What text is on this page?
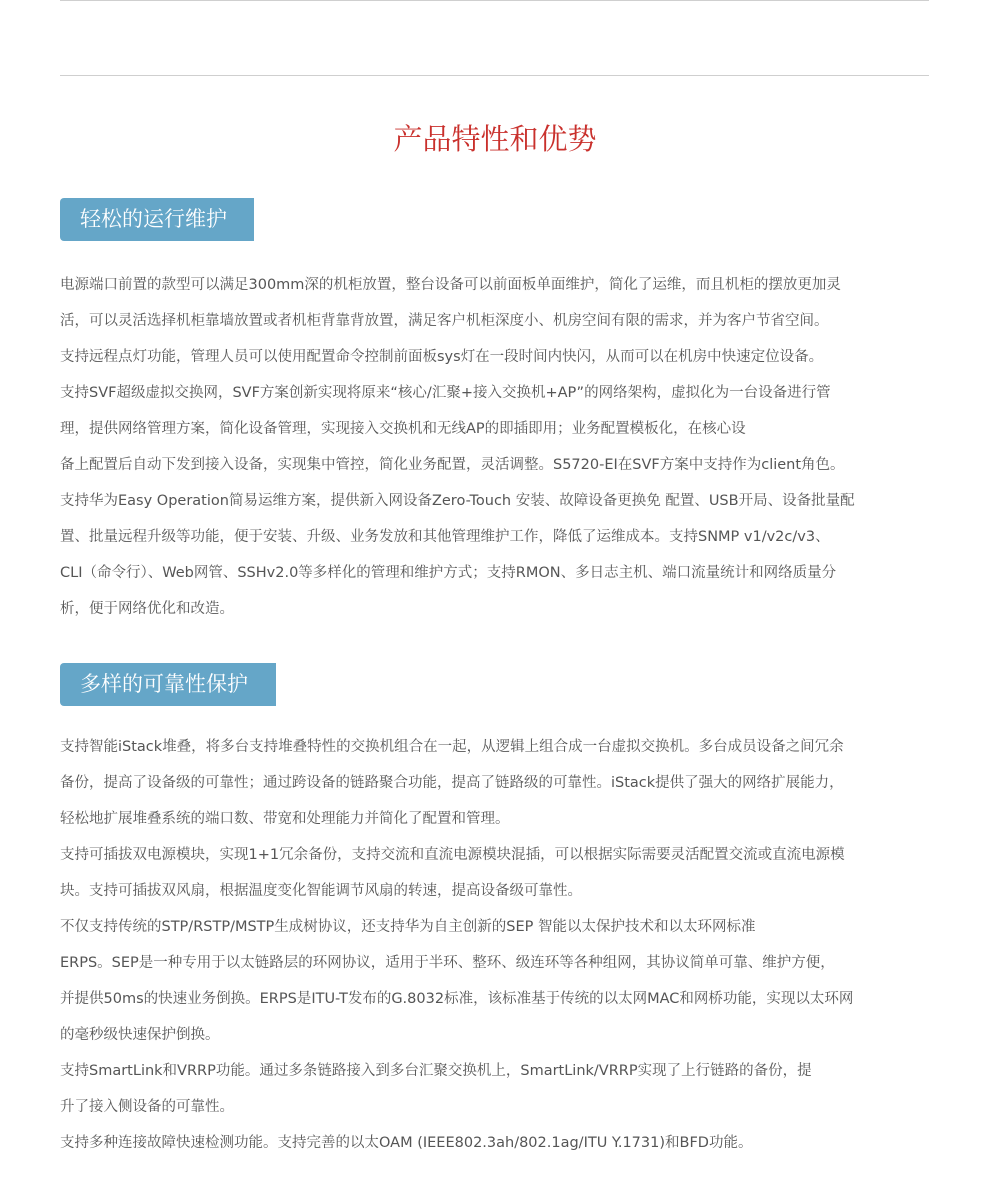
产品特性和优势
轻松的运行维护
电源端口前置的款型可以满足300mm深的机柜放置，整台设备可以前面板单面维护，简化了运维，而且机柜的摆放更加灵
活，可以灵活选择机柜靠墙放置或者机柜背靠背放置，满足客户机柜深度小、机房空间有限的需求，并为客户节省空间。
支持远程点灯功能，管理人员可以使用配置命令控制前面板sys灯在一段时间内快闪，从而可以在机房中快速定位设备。
支持SVF超级虚拟交换网，SVF方案创新实现将原来“核心/汇聚+接入交换机+AP”的网络架构，虚拟化为一台设备进行管
理，提供网络管理方案，简化设备管理，实现接入交换机和无线AP的即插即用；业务配置模板化，在核心设
备上配置后自动下发到接入设备，实现集中管控，简化业务配置，灵活调整。S5720-EI在SVF方案中支持作为client角色。
支持华为Easy Operation简易运维方案，提供新入网设备Zero-Touch 安装、故障设备更换免 配置、USB开局、设备批量配
置、批量远程升级等功能，便于安装、升级、业务发放和其他管理维护工作，降低了运维成本。支持SNMP v1/v2c/v3、
CLI（命令行）、Web网管、SSHv2.0等多样化的管理和维护方式；支持RMON、多日志主机、端口流量统计和网络质量分
析，便于网络优化和改造。
多样的可靠性保护
支持智能iStack堆叠，将多台支持堆叠特性的交换机组合在一起，从逻辑上组合成一台虚拟交换机。多台成员设备之间冗余
备份，提高了设备级的可靠性；通过跨设备的链路聚合功能，提高了链路级的可靠性。iStack提供了强大的网络扩展能力，
轻松地扩展堆叠系统的端口数、带宽和处理能力并简化了配置和管理。
支持可插拔双电源模块，实现1+1冗余备份，支持交流和直流电源模块混插，可以根据实际需要灵活配置交流或直流电源模
块。支持可插拔双风扇，根据温度变化智能调节风扇的转速，提高设备级可靠性。
不仅支持传统的STP/RSTP/MSTP生成树协议，还支持华为自主创新的SEP 智能以太保护技术和以太环网标准
ERPS。SEP是一种专用于以太链路层的环网协议，适用于半环、整环、级连环等各种组网，其协议简单可靠、维护方便，
并提供50ms的快速业务倒换。ERPS是ITU-T发布的G.8032标准，该标准基于传统的以太网MAC和网桥功能，实现以太环网
的毫秒级快速保护倒换。
支持SmartLink和VRRP功能。通过多条链路接入到多台汇聚交换机上，SmartLink/VRRP实现了上行链路的备份，提
升了接入侧设备的可靠性。
支持多种连接故障快速检测功能。支持完善的以太OAM (IEEE802.3ah/802.1ag/ITU Y.1731)和BFD功能。
